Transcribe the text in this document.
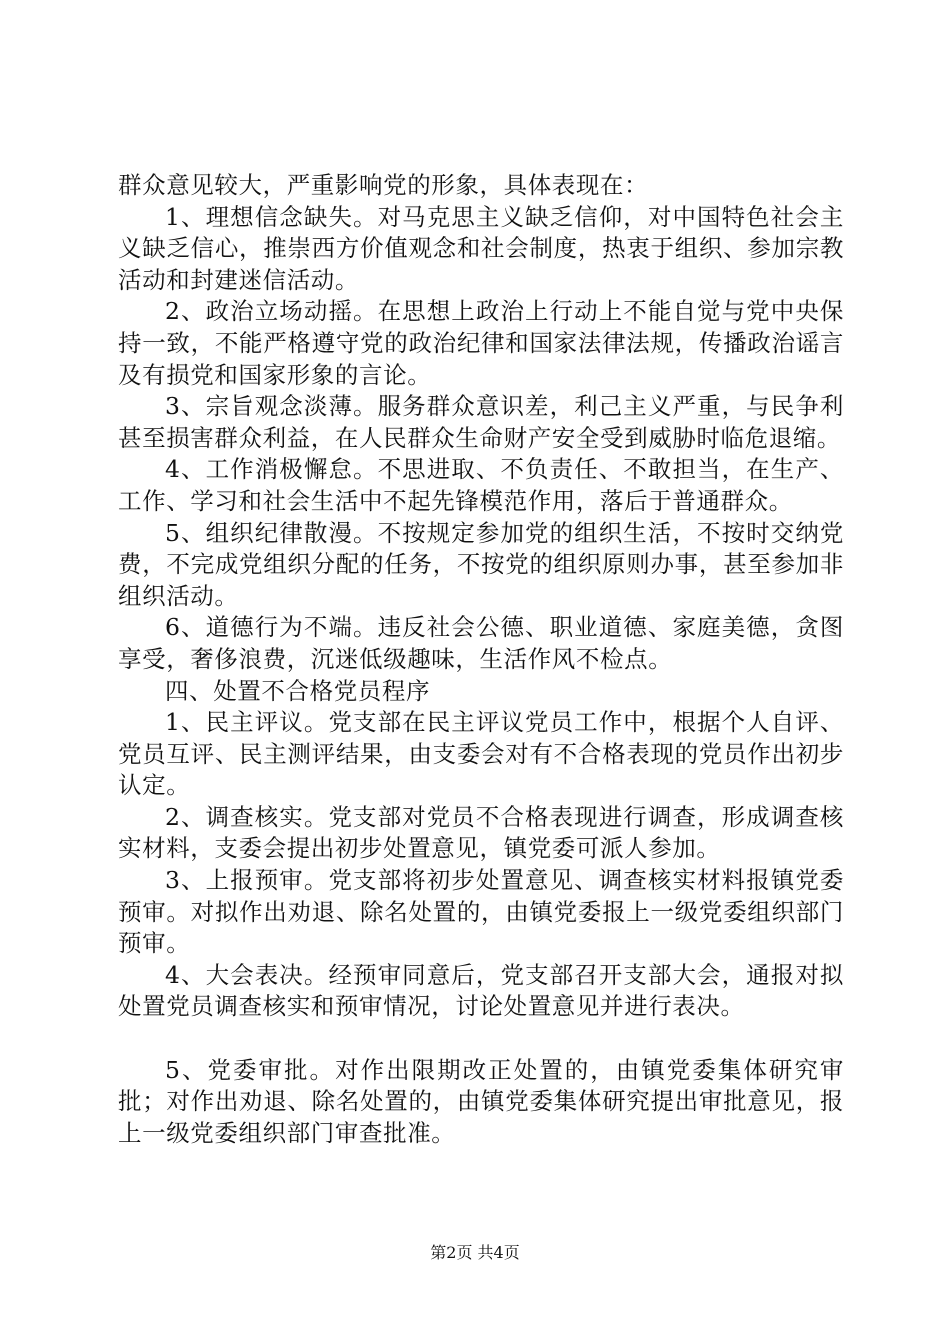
群众意见较大，严重影响党的形象，具体表现在：

1、理想信念缺失。对马克思主义缺乏信仰，对中国特色社会主义缺乏信心，推崇西方价值观念和社会制度，热衷于组织、参加宗教活动和封建迷信活动。

2、政治立场动摇。在思想上政治上行动上不能自觉与党中央保持一致，不能严格遵守党的政治纪律和国家法律法规，传播政治谣言及有损党和国家形象的言论。

3、宗旨观念淡薄。服务群众意识差，利己主义严重，与民争利甚至损害群众利益，在人民群众生命财产安全受到威胁时临危退缩。

4、工作消极懈怠。不思进取、不负责任、不敢担当，在生产、工作、学习和社会生活中不起先锋模范作用，落后于普通群众。

5、组织纪律散漫。不按规定参加党的组织生活，不按时交纳党费，不完成党组织分配的任务，不按党的组织原则办事，甚至参加非组织活动。

6、道德行为不端。违反社会公德、职业道德、家庭美德，贪图享受，奢侈浪费，沉迷低级趣味，生活作风不检点。

四、处置不合格党员程序

1、民主评议。党支部在民主评议党员工作中，根据个人自评、党员互评、民主测评结果，由支委会对有不合格表现的党员作出初步认定。

2、调查核实。党支部对党员不合格表现进行调查，形成调查核实材料，支委会提出初步处置意见，镇党委可派人参加。

3、上报预审。党支部将初步处置意见、调查核实材料报镇党委预审。对拟作出劝退、除名处置的，由镇党委报上一级党委组织部门预审。

4、大会表决。经预审同意后，党支部召开支部大会，通报对拟处置党员调查核实和预审情况，讨论处置意见并进行表决。

5、党委审批。对作出限期改正处置的，由镇党委集体研究审批；对作出劝退、除名处置的，由镇党委集体研究提出审批意见，报上一级党委组织部门审查批准。

第2页 共4页
